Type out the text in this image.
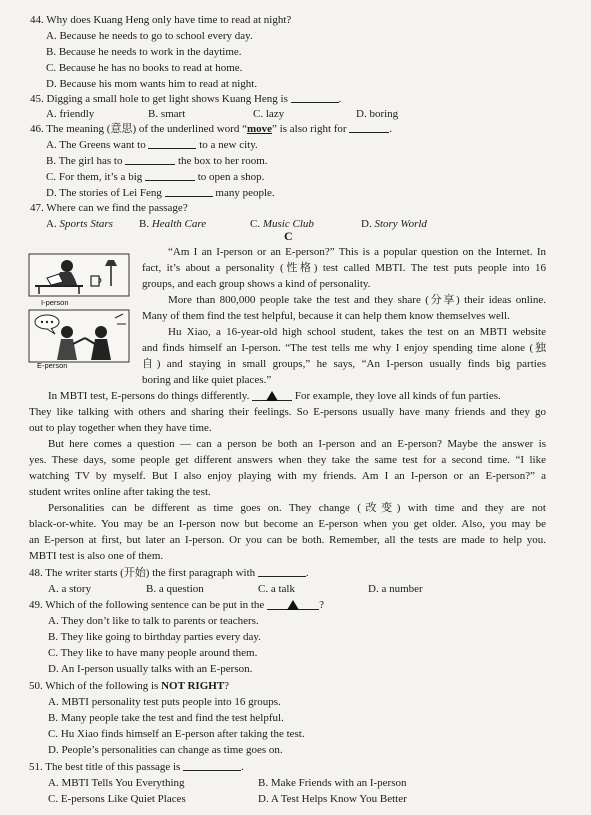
44. Why does Kuang Heng only have time to read at night?
A. Because he needs to go to school every day.
B. Because he needs to work in the daytime.
C. Because he has no books to read at home.
D. Because his mom wants him to read at night.
45. Digging a small hole to get light shows Kuang Heng is	.
A. friendly	B. smart	C. lazy	D. boring
46. The meaning (意思) of the underlined word “move” is also right for	.
A. The Greens want to	to a new city.
B. The girl has to	the box to her room.
C. For them, it’s a big	to open a shop.
D. The stories of Lei Feng	many people.
47. Where can we find the passage?
A. Sports Stars B. Health Care	C. Music Club	D. Story World
C
I-person
E-person
“Am I an I-person or an E-person?” This is a popular question on the Internet. In
fact, it’s about a personality (性格) test called MBTI. The test puts people into 16
groups, and each group shows a kind of personality.
More than 800,000 people take the test and they share (分享) their ideas online.
Many of them find the test helpful, because it can help them know themselves well.
Hu Xiao, a 16-year-old high school student, takes the test on an MBTI website
and finds himself an I-person. “The test tells me why I enjoy spending time alone (独
自) and staying in small groups,” he says, “An I-person usually finds big parties
boring and like quiet places.”
In MBTI test, E-persons do things differently.	For example, they love all kinds of fun parties.
They like talking with others and sharing their feelings. So E-persons usually have many friends and they go
out to play together when they have time.
But here comes a question — can a person be both an I-person and an E-person? Maybe the answer is
yes. These days, some people get different answers when they take the same test for a second time. “I like
watching TV by myself. But I also enjoy playing with my friends. Am I an I-person or an E-person?” a
student writes online after taking the test.
Personalities can be different as time goes on. They change (改变) with time and they are not
black-or-white. You may be an I-person now but become an E-person when you get older. Also, you may be
an E-person at first, but later an I-person. Or you can be both. Remember, all the tests are made to help you.
MBTI test is also one of them.
48. The writer starts (开始) the first paragraph with	.
A. a story	B. a question	C. a talk	D. a number
49. Which of the following sentence can be put in the	?
A. They don’t like to talk to parents or teachers.
B. They like going to birthday parties every day.
C. They like to have many people around them.
D. An I-person usually talks with an E-person.
50. Which of the following is NOT RIGHT?
A. MBTI personality test puts people into 16 groups.
B. Many people take the test and find the test helpful.
C. Hu Xiao finds himself an E-person after taking the test.
D. People’s personalities can change as time goes on.
51. The best title of this passage is	.
A. MBTI Tells You Everything	B. Make Friends with an I-person
C. E-persons Like Quiet Places	D. A Test Helps Know You Better
